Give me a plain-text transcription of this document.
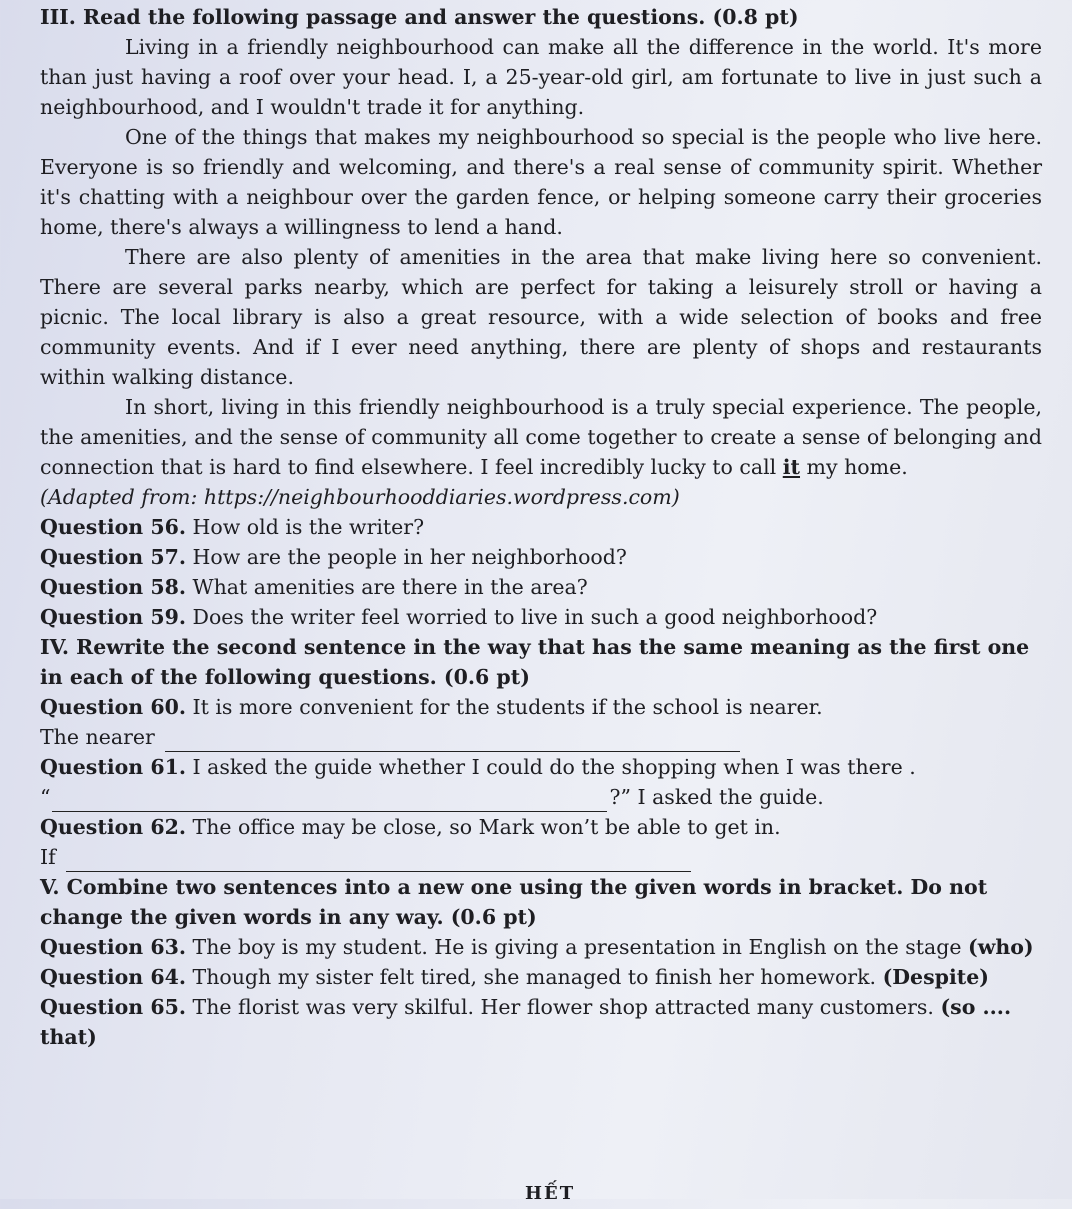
III. Read the following passage and answer the questions. (0.8 pt)

Living in a friendly neighbourhood can make all the difference in the world. It's more than just having a roof over your head. I, a 25-year-old girl, am fortunate to live in just such a neighbourhood, and I wouldn't trade it for anything.

One of the things that makes my neighbourhood so special is the people who live here. Everyone is so friendly and welcoming, and there's a real sense of community spirit. Whether it's chatting with a neighbour over the garden fence, or helping someone carry their groceries home, there's always a willingness to lend a hand.

There are also plenty of amenities in the area that make living here so convenient. There are several parks nearby, which are perfect for taking a leisurely stroll or having a picnic. The local library is also a great resource, with a wide selection of books and free community events. And if I ever need anything, there are plenty of shops and restaurants within walking distance.

In short, living in this friendly neighbourhood is a truly special experience. The people, the amenities, and the sense of community all come together to create a sense of belonging and connection that is hard to find elsewhere. I feel incredibly lucky to call it my home.

(Adapted from: https://neighbourhooddiaries.wordpress.com)

Question 56. How old is the writer?

Question 57. How are the people in her neighborhood?

Question 58. What amenities are there in the area?

Question 59. Does the writer feel worried to live in such a good neighborhood?

IV. Rewrite the second sentence in the way that has the same meaning as the first one in each of the following questions. (0.6 pt)

Question 60. It is more convenient for the students if the school is nearer.

The nearer

Question 61. I asked the guide whether I could do the shopping when I was there .

“	?” I asked the guide.

Question 62. The office may be close, so Mark won’t be able to get in.

If

V. Combine two sentences into a new one using the given words in bracket. Do not change the given words in any way. (0.6 pt)

Question 63. The boy is my student. He is giving a presentation in English on the stage (who)

Question 64. Though my sister felt tired, she managed to finish her homework. (Despite)

Question 65. The florist was very skilful. Her flower shop attracted many customers. (so .... that)

HẾT
